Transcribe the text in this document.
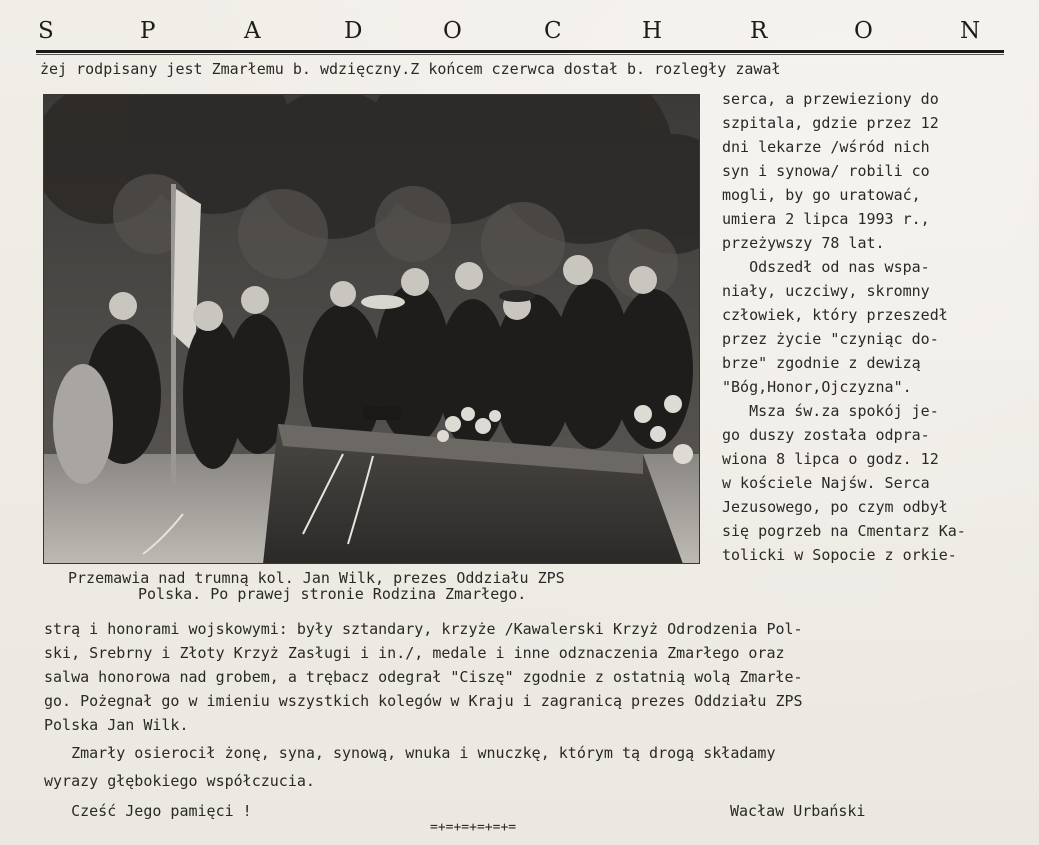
S	P	A	D	O	C	H	R	O	N
żej rodpisany jest Zmarłemu b. wdzięczny.Z końcem czerwca dostał b. rozległy zawał
serca, a przewieziony do
szpitala, gdzie przez 12
dni lekarze /wśród nich
syn i synowa/ robili co
mogli, by go uratować,
umiera 2 lipca 1993 r.,
przeżywszy 78 lat.
Odszedł od nas wspa-
niały, uczciwy, skromny
człowiek, który przeszedł
przez życie "czyniąc do-
brze" zgodnie z dewizą
"Bóg,Honor,Ojczyzna".
Msza św.za spokój je-
go duszy została odpra-
wiona 8 lipca o godz. 12
w kościele Najśw. Serca
Jezusowego, po czym odbył
się pogrzeb na Cmentarz Ka-
tolicki w Sopocie z orkie-
Przemawia nad trumną kol. Jan Wilk, prezes Oddziału ZPS
Polska. Po prawej stronie Rodzina Zmarłego.
strą i honorami wojskowymi: były sztandary, krzyże /Kawalerski Krzyż Odrodzenia Pol-
ski, Srebrny i Złoty Krzyż Zasługi i in./, medale i inne odznaczenia Zmarłego oraz
salwa honorowa nad grobem, a trębacz odegrał "Ciszę" zgodnie z ostatnią wolą Zmarłe-
go. Pożegnał go w imieniu wszystkich kolegów w Kraju i zagranicą prezes Oddziału ZPS
Polska Jan Wilk.
Zmarły osierocił żonę, syna, synową, wnuka i wnuczkę, którym tą drogą składamy
wyrazy głębokiego współczucia.
Cześć Jego pamięci !	Wacław Urbański
=+=+=+=+=+=
